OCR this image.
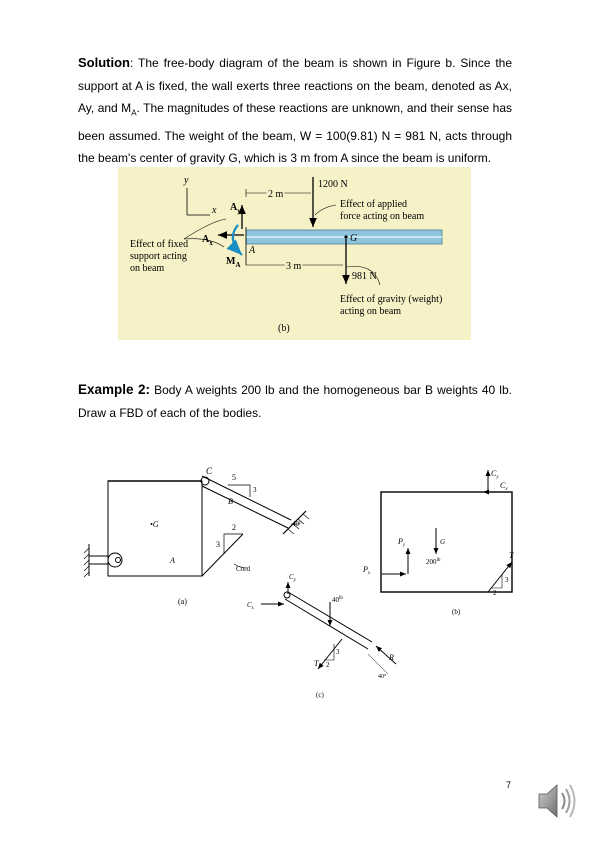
Solution: The free-body diagram of the beam is shown in Figure b. Since the support at A is fixed, the wall exerts three reactions on the beam, denoted as Ax, Ay, and $M_A$. The magnitudes of these reactions are unknown, and their sense has been assumed. The weight of the beam, W = 100(9.81) N = 981 N, acts through the beam's center of gravity G, which is 3 m from A since the beam is uniform.
y
x $A_y$
$A_x$
$M_A$
A
2 m
1200 N
Effect of applied
force acting on beam
G
3 m
981 N
Effect of gravity (weight)
acting on beam
Effect of fixed
support acting
on beam
(b)
Example 2: Body A weights 200 lb and the homogeneous bar B weights 40 lb. Draw a FBD of each of the bodies.
C
B
•G
A
5
3
2
3
40°
Cord
(a)
$C_y$
$C_x$
$P_y$
$P_x$
G
$200^{lb}$
T
3
2
(b)
$C_y$
$C_x$
$40^{lb}$
T
3
2
R
40°
(c)
7
